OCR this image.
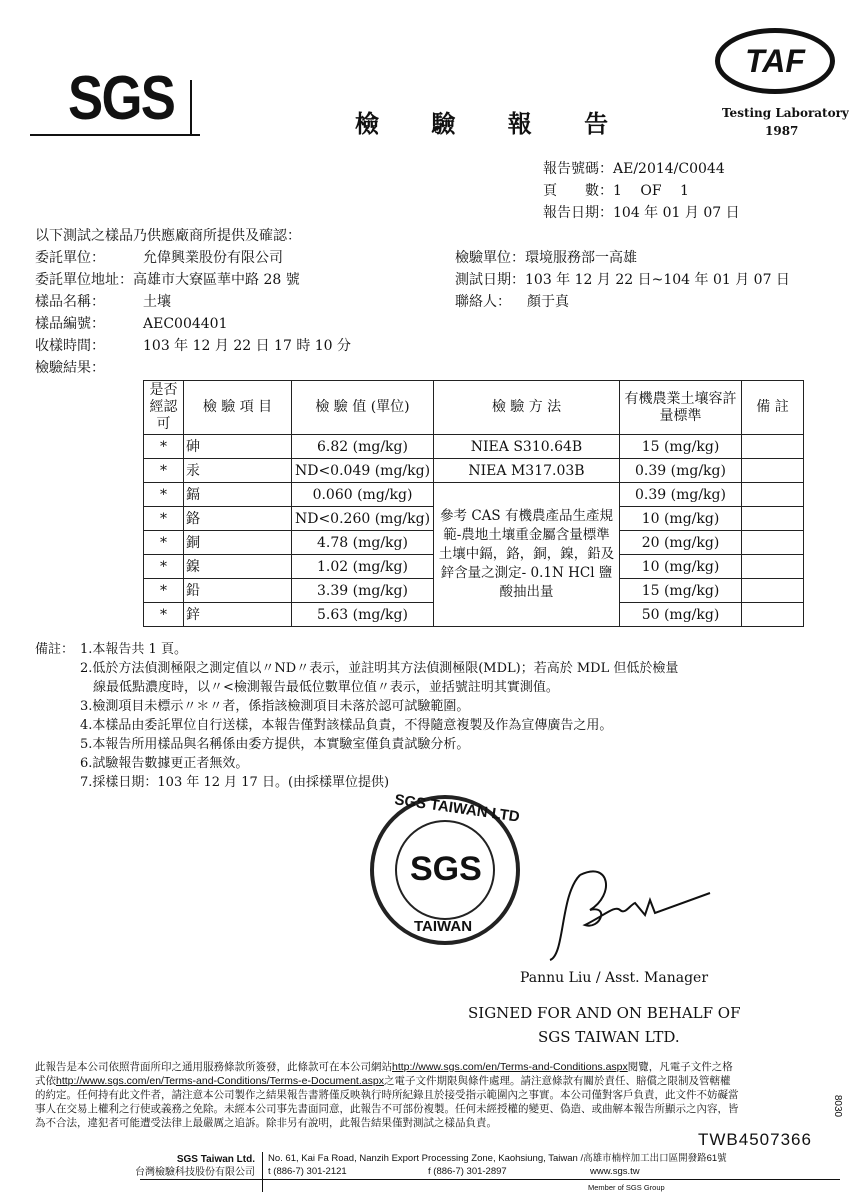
SGS	檢 驗 報 告
TAF
Testing Laboratory
1987
報告號碼：AE/2014/C0044
頁　　數：1　 OF　 1
報告日期：104 年 01 月 07 日
以下測試之樣品乃供應廠商所提供及確認：
委託單位：	允偉興業股份有限公司
委託單位地址：高雄市大寮區華中路 28 號
樣品名稱：	土壤
樣品編號：	AEC004401
收樣時間：	103 年 12 月 22 日 17 時 10 分
檢驗結果：
檢驗單位：環境服務部一高雄
測試日期：103 年 12 月 22 日~104 年 01 月 07 日
聯絡人： 顏于真
是否經認可	檢 驗 項 目	檢 驗 值 (單位)	檢 驗 方 法	有機農業土壤容許量標準	備 註
*	砷	6.82 (mg/kg)	NIEA S310.64B	15 (mg/kg)	
*	汞	ND<0.049 (mg/kg)	NIEA M317.03B	0.39 (mg/kg)	
*	鎘	0.060 (mg/kg)	參考 CAS 有機農產品生產規範-農地土壤重金屬含量標準土壤中鎘，鉻，銅，鎳，鉛及鋅含量之測定- 0.1N HCl 鹽酸抽出量	0.39 (mg/kg)	
*	鉻	ND<0.260 (mg/kg)		10 (mg/kg)	
*	銅	4.78 (mg/kg)		20 (mg/kg)	
*	鎳	1.02 (mg/kg)		10 (mg/kg)	
*	鉛	3.39 (mg/kg)		15 (mg/kg)	
*	鋅	5.63 (mg/kg)		50 (mg/kg)	
備註： 1.本報告共 1 頁。
2.低於方法偵測極限之測定值以〃ND〃表示，並註明其方法偵測極限(MDL)；若高於 MDL 但低於檢量
　線最低點濃度時，以〃<檢測報告最低位數單位值〃表示，並括號註明其實測值。
3.檢測項目未標示〃＊〃者，係指該檢測項目未落於認可試驗範圍。
4.本樣品由委託單位自行送樣，本報告僅對該樣品負責，不得隨意複製及作為宣傳廣告之用。
5.本報告所用樣品與名稱係由委方提供，本實驗室僅負責試驗分析。
6.試驗報告數據更正者無效。
7.採樣日期：103 年 12 月 17 日。(由採樣單位提供)
SGS TAIWAN LTD
SGS
TAIWAN
Pannu Liu / Asst. Manager
SIGNED FOR AND ON BEHALF OF
SGS TAIWAN LTD.
此報告是本公司依照背面所印之通用服務條款所簽發，此條款可在本公司網站http://www.sgs.com/en/Terms-and-Conditions.aspx閱覽，凡電子文件之格
式依http://www.sgs.com/en/Terms-and-Conditions/Terms-e-Document.aspx之電子文件期限與條件處理。請注意條款有關於責任、賠償之限制及管轄權
的約定。任何持有此文件者，請注意本公司製作之結果報告書將僅反映執行時所紀錄且於接受指示範圍內之事實。本公司僅對客戶負責，此文件不妨礙當
事人在交易上權利之行使或義務之免除。未經本公司事先書面同意，此報告不可部份複製。任何未經授權的變更、偽造、或曲解本報告所顯示之內容，皆
為不合法，違犯者可能遭受法律上最嚴厲之追訴。除非另有說明，此報告結果僅對測試之樣品負責。
TWB4507366
8030
SGS Taiwan Ltd.
台灣檢驗科技股份有限公司
No. 61, Kai Fa Road, Nanzih Export Processing Zone, Kaohsiung, Taiwan /高雄市楠梓加工出口區開發路61號
t (886-7) 301-2121	f (886-7) 301-2897	www.sgs.tw
Member of SGS Group
